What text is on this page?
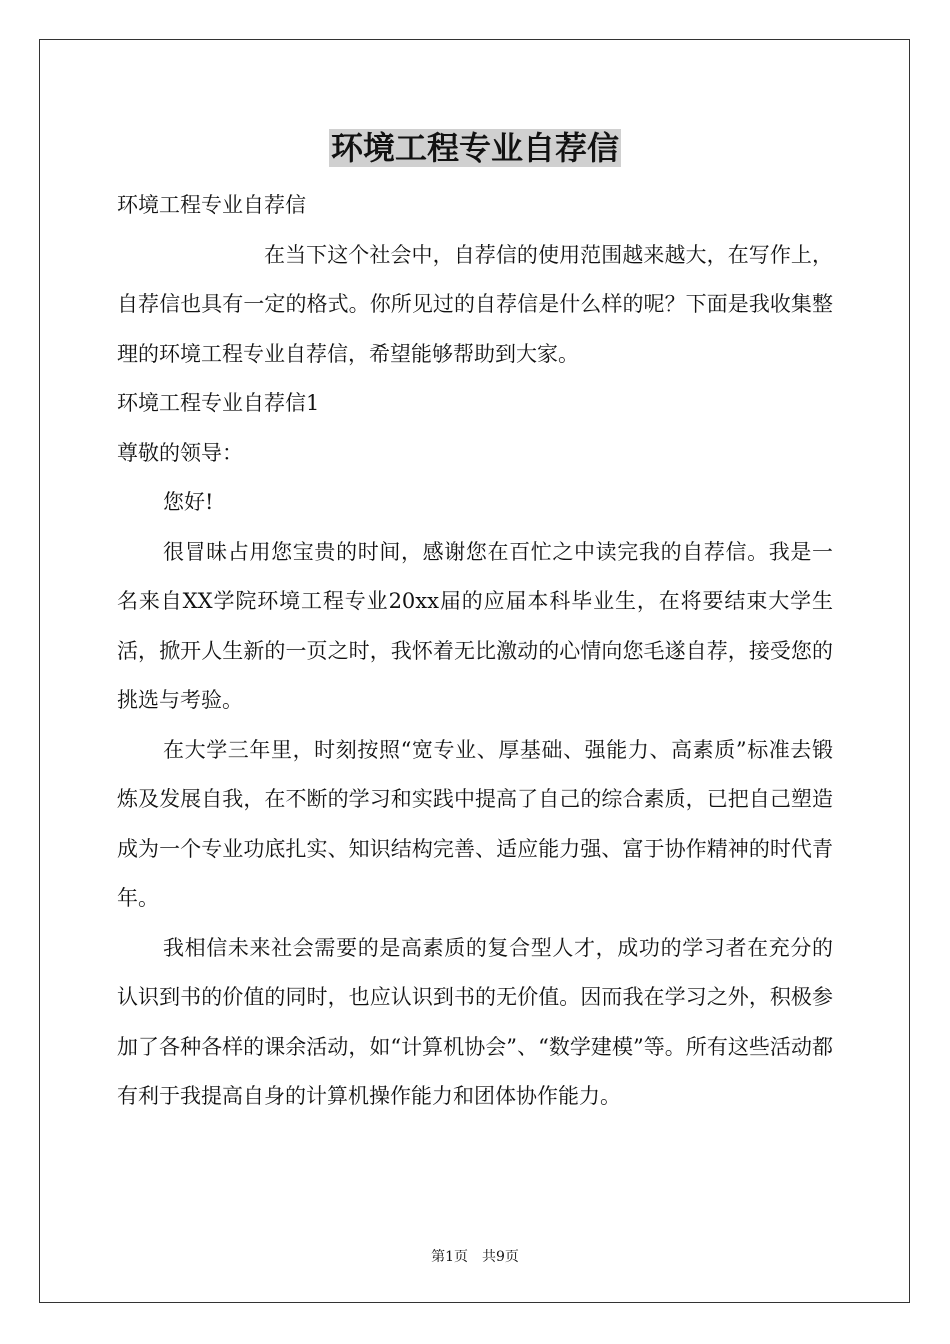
环境工程专业自荐信

环境工程专业自荐信

在当下这个社会中，自荐信的使用范围越来越大，在写作上，自荐信也具有一定的格式。你所见过的自荐信是什么样的呢？下面是我收集整理的环境工程专业自荐信，希望能够帮助到大家。

环境工程专业自荐信1

尊敬的领导：

您好!

很冒昧占用您宝贵的时间，感谢您在百忙之中读完我的自荐信。我是一名来自XX学院环境工程专业20xx届的应届本科毕业生，在将要结束大学生活，掀开人生新的一页之时，我怀着无比激动的心情向您毛遂自荐，接受您的挑选与考验。

在大学三年里，时刻按照“宽专业、厚基础、强能力、高素质”标准去锻炼及发展自我，在不断的学习和实践中提高了自己的综合素质，已把自己塑造成为一个专业功底扎实、知识结构完善、适应能力强、富于协作精神的时代青年。

我相信未来社会需要的是高素质的复合型人才，成功的学习者在充分的认识到书的价值的同时，也应认识到书的无价值。因而我在学习之外，积极参加了各种各样的课余活动，如“计算机协会”、“数学建模”等。所有这些活动都有利于我提高自身的计算机操作能力和团体协作能力。

第1页 共9页
